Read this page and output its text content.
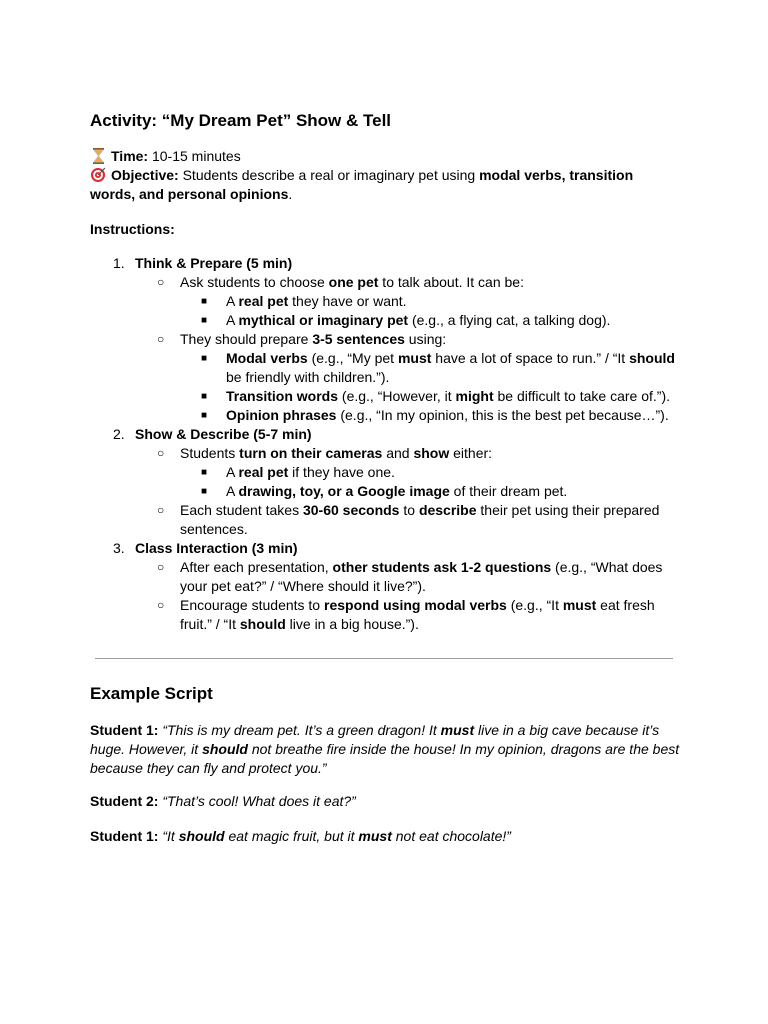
Activity: “My Dream Pet” Show & Tell

Time: 10-15 minutes

Objective: Students describe a real or imaginary pet using modal verbs, transition words, and personal opinions.

Instructions:
1. Think & Prepare (5 min)
○ Ask students to choose one pet to talk about. It can be:
■ A real pet they have or want.
■ A mythical or imaginary pet (e.g., a flying cat, a talking dog).
○ They should prepare 3-5 sentences using:
■ Modal verbs (e.g., “My pet must have a lot of space to run.” / “It should be friendly with children.”).
■ Transition words (e.g., “However, it might be difficult to take care of.”).
■ Opinion phrases (e.g., “In my opinion, this is the best pet because…”).
2. Show & Describe (5-7 min)
○ Students turn on their cameras and show either:
■ A real pet if they have one.
■ A drawing, toy, or a Google image of their dream pet.
○ Each student takes 30-60 seconds to describe their pet using their prepared sentences.
3. Class Interaction (3 min)
○ After each presentation, other students ask 1-2 questions (e.g., “What does your pet eat?” / “Where should it live?”).
○ Encourage students to respond using modal verbs (e.g., “It must eat fresh fruit.” / “It should live in a big house.”).
Example Script

Student 1: “This is my dream pet. It’s a green dragon! It must live in a big cave because it’s huge. However, it should not breathe fire inside the house! In my opinion, dragons are the best because they can fly and protect you.”

Student 2: “That’s cool! What does it eat?”

Student 1: “It should eat magic fruit, but it must not eat chocolate!”
